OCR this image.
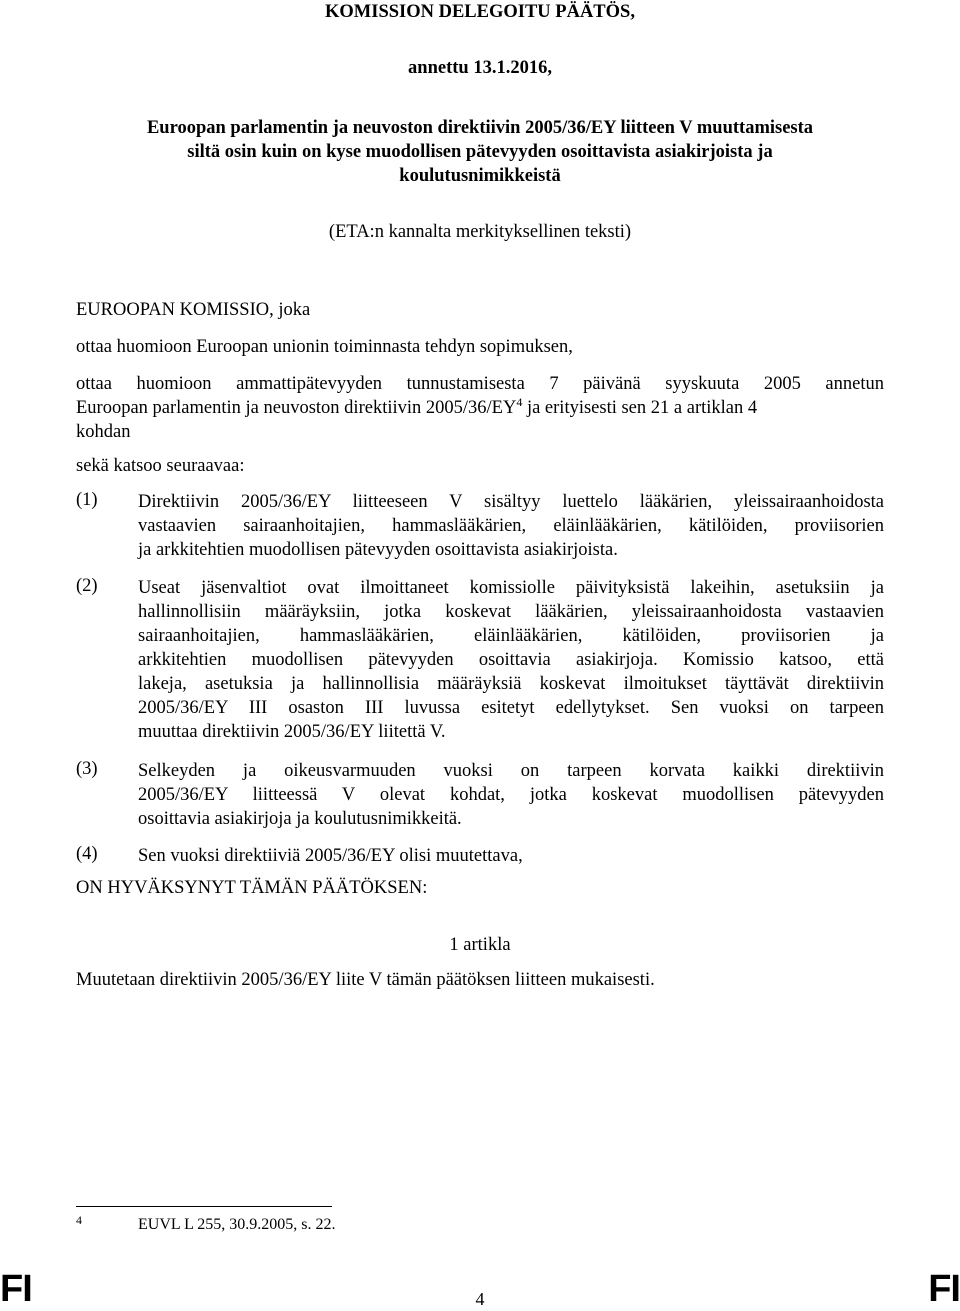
KOMISSION DELEGOITU PÄÄTÖS,
annettu 13.1.2016,
Euroopan parlamentin ja neuvoston direktiivin 2005/36/EY liitteen V muuttamisesta
siltä osin kuin on kyse muodollisen pätevyyden osoittavista asiakirjoista ja
koulutusnimikkeistä
(ETA:n kannalta merkityksellinen teksti)
EUROOPAN KOMISSIO, joka
ottaa huomioon Euroopan unionin toiminnasta tehdyn sopimuksen,
ottaa huomioon ammattipätevyyden tunnustamisesta 7 päivänä syyskuuta 2005 annetun
Euroopan parlamentin ja neuvoston direktiivin $2005/36/EY^4$ ja erityisesti sen 21 a artiklan 4
kohdan
sekä katsoo seuraavaa:
(1) Direktiivin 2005/36/EY liitteeseen V sisältyy luettelo lääkärien, yleissairaanhoidosta
vastaavien sairaanhoitajien, hammaslääkärien, eläinlääkärien, kätilöiden, proviisorien
ja arkkitehtien muodollisen pätevyyden osoittavista asiakirjoista.
(2) Useat jäsenvaltiot ovat ilmoittaneet komissiolle päivityksistä lakeihin, asetuksiin ja
hallinnollisiin määräyksiin, jotka koskevat lääkärien, yleissairaanhoidosta vastaavien
sairaanhoitajien, hammaslääkärien, eläinlääkärien, kätilöiden, proviisorien ja
arkkitehtien muodollisen pätevyyden osoittavia asiakirjoja. Komissio katsoo, että
lakeja, asetuksia ja hallinnollisia määräyksiä koskevat ilmoitukset täyttävät direktiivin
2005/36/EY III osaston III luvussa esitetyt edellytykset. Sen vuoksi on tarpeen
muuttaa direktiivin 2005/36/EY liitettä V.
(3) Selkeyden ja oikeusvarmuuden vuoksi on tarpeen korvata kaikki direktiivin
2005/36/EY liitteessä V olevat kohdat, jotka koskevat muodollisen pätevyyden
osoittavia asiakirjoja ja koulutusnimikkeitä.
(4) Sen vuoksi direktiiviä 2005/36/EY olisi muutettava,
ON HYVÄKSYNYT TÄMÄN PÄÄTÖKSEN:
1 artikla
Muutetaan direktiivin 2005/36/EY liite V tämän päätöksen liitteen mukaisesti.
4	EUVL L 255, 30.9.2005, s. 22.
FI	4	FI
